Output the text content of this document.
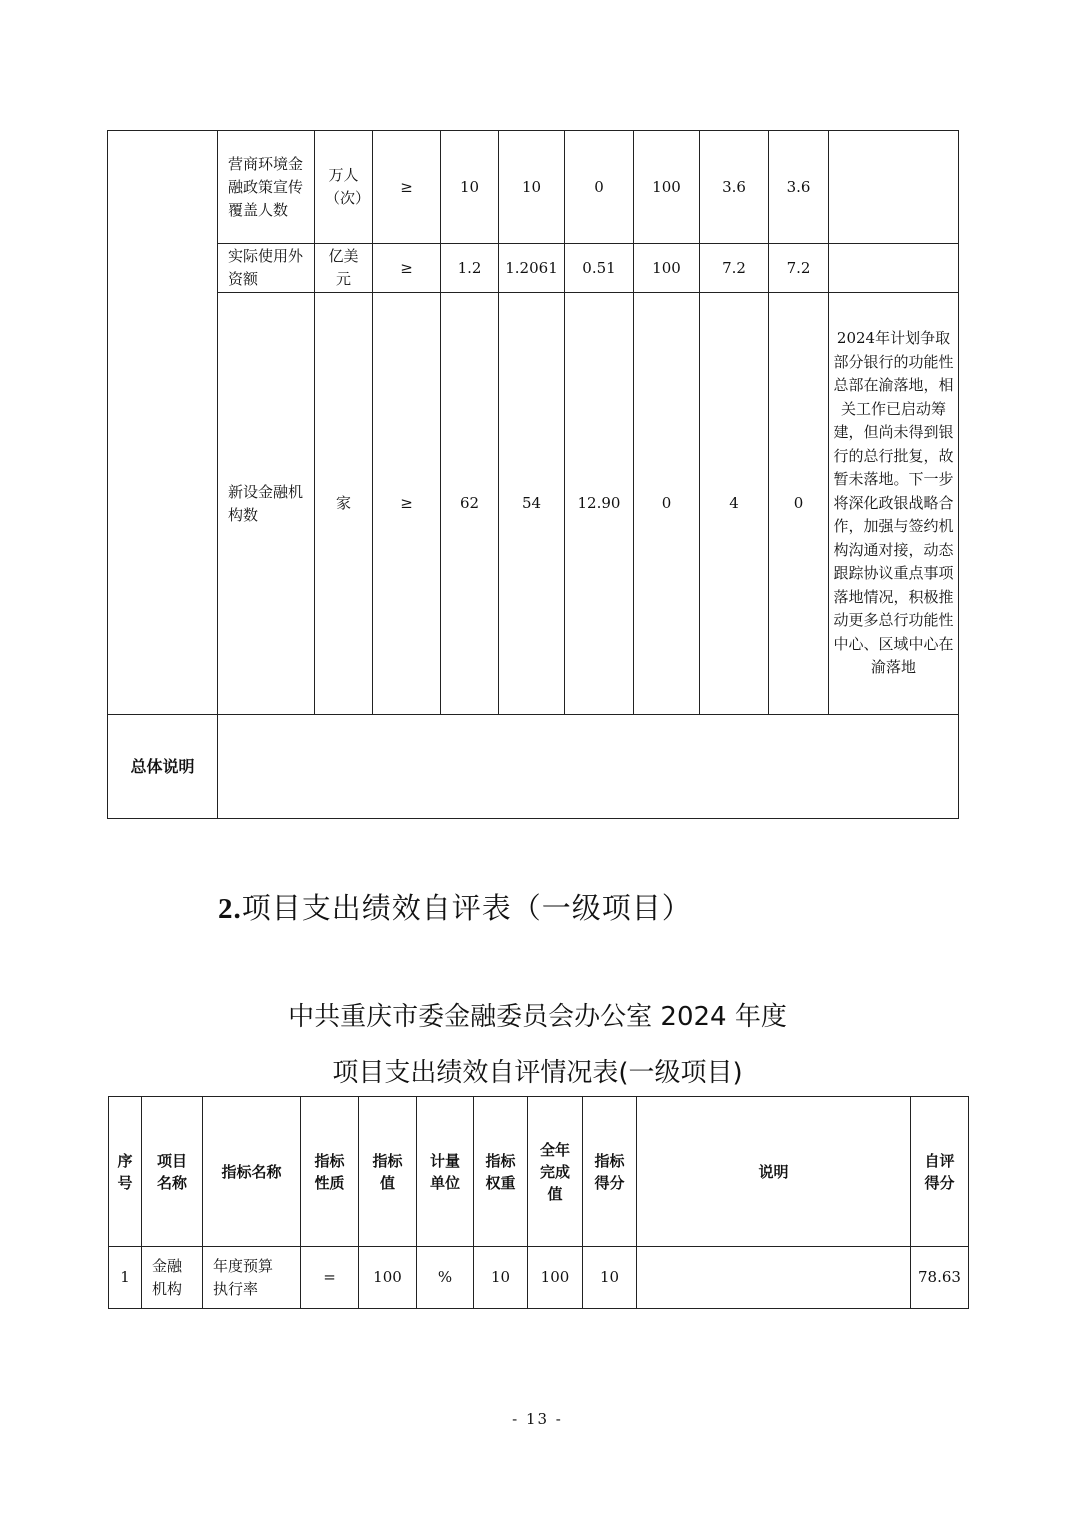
	营商环境金融政策宣传覆盖人数	万人（次）	≥	10	10	0	100	3.6	3.6	
	实际使用外资额	亿美元	≥	1.2	1.2061	0.51	100	7.2	7.2	
	新设金融机构数	家	≥	62	54	12.90	0	4	0	2024年计划争取部分银行的功能性总部在渝落地，相关工作已启动筹建，但尚未得到银行的总行批复，故暂未落地。下一步将深化政银战略合作，加强与签约机构沟通对接，动态跟踪协议重点事项落地情况，积极推动更多总行功能性中心、区域中心在渝落地
总体说明										
2.项目支出绩效自评表（一级项目）
中共重庆市委金融委员会办公室 2024 年度
项目支出绩效自评情况表(一级项目)
序号	项目名称	指标名称	指标性质	指标值	计量单位	指标权重	全年完成值	指标得分	说明	自评得分
1	金融机构	年度预算执行率	=	100	%	10	100	10		78.63
- 13 -
